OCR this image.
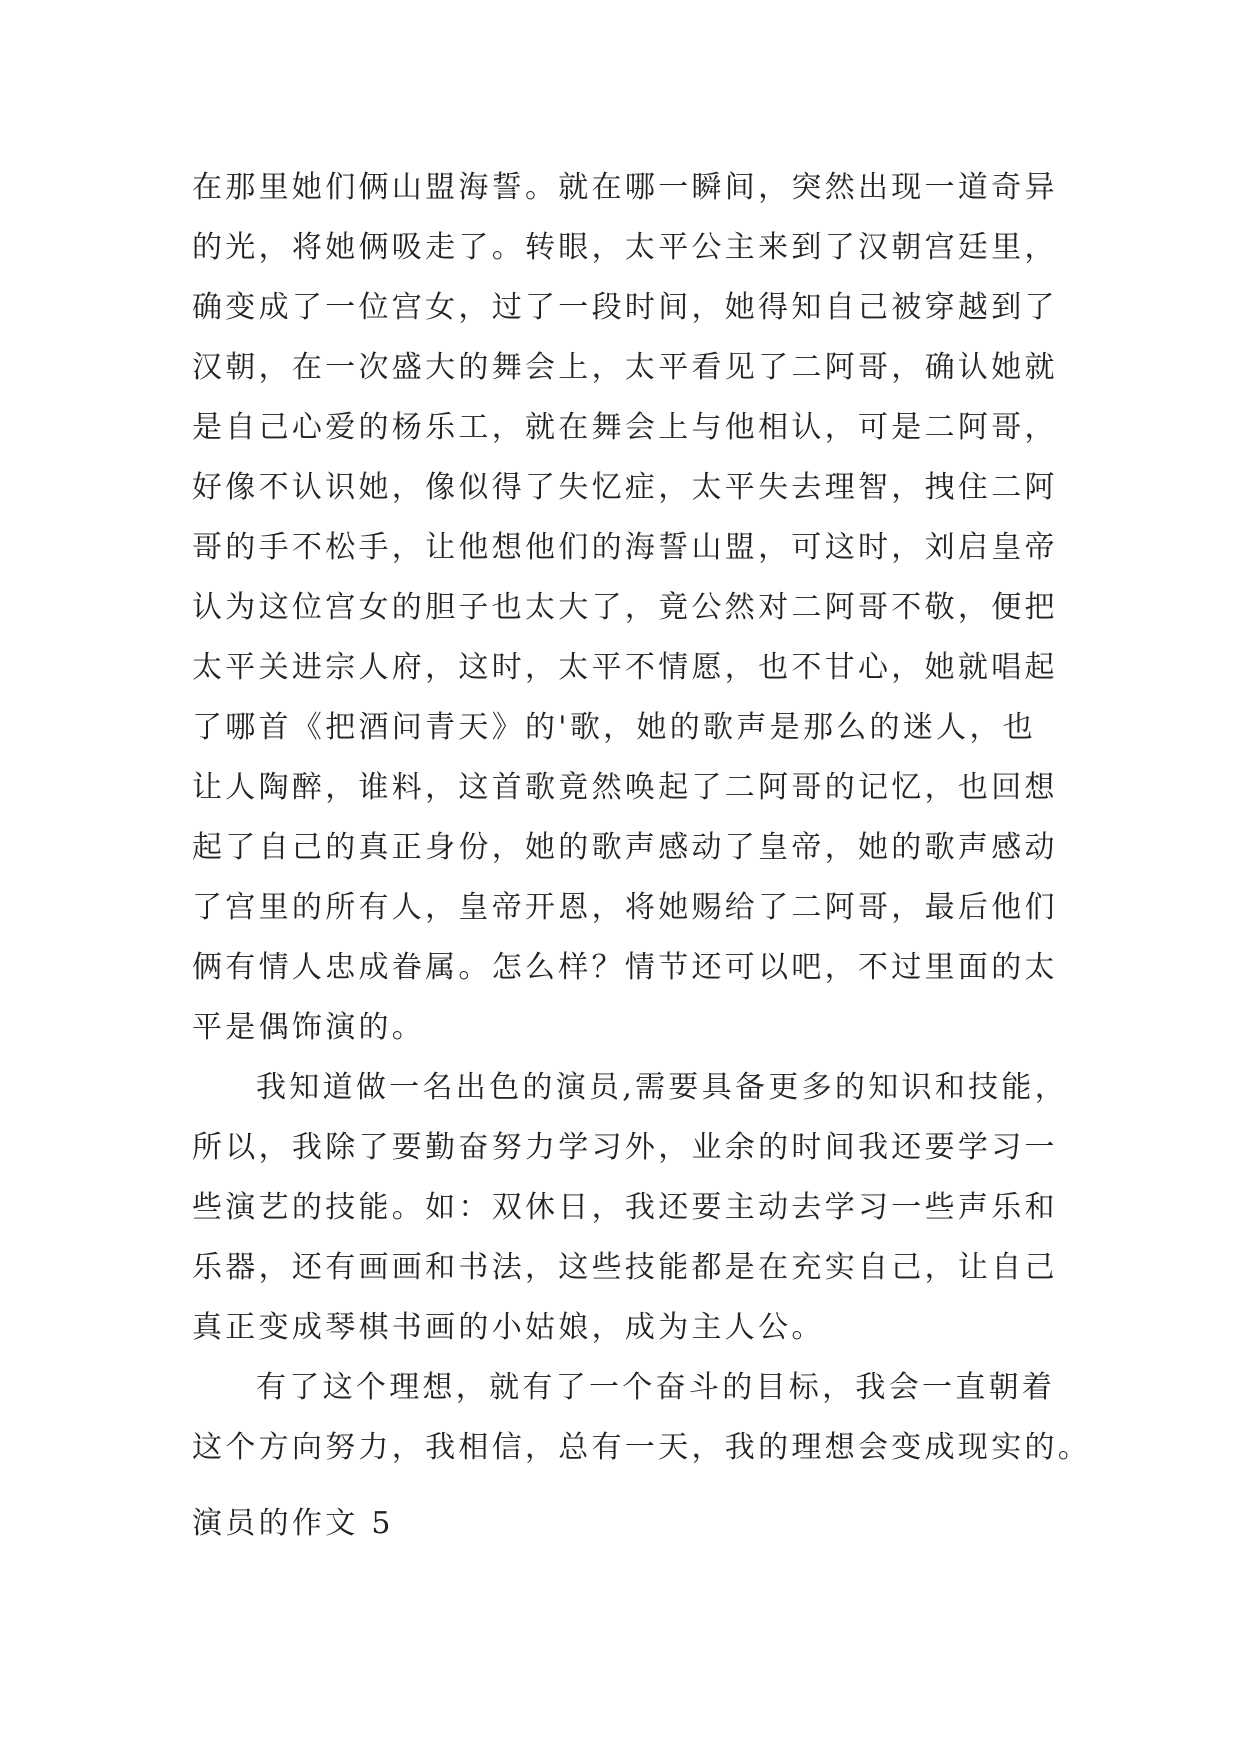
在那里她们俩山盟海誓。就在哪一瞬间，突然出现一道奇异
的光，将她俩吸走了。转眼，太平公主来到了汉朝宫廷里，
确变成了一位宫女，过了一段时间，她得知自己被穿越到了
汉朝，在一次盛大的舞会上，太平看见了二阿哥，确认她就
是自己心爱的杨乐工，就在舞会上与他相认，可是二阿哥，
好像不认识她，像似得了失忆症，太平失去理智，拽住二阿
哥的手不松手，让他想他们的海誓山盟，可这时，刘启皇帝
认为这位宫女的胆子也太大了，竟公然对二阿哥不敬，便把
太平关进宗人府，这时，太平不情愿，也不甘心，她就唱起
了哪首《把酒问青天》的'歌，她的歌声是那么的迷人，也
让人陶醉，谁料，这首歌竟然唤起了二阿哥的记忆，也回想
起了自己的真正身份，她的歌声感动了皇帝，她的歌声感动
了宫里的所有人，皇帝开恩，将她赐给了二阿哥，最后他们
俩有情人忠成眷属。怎么样？情节还可以吧，不过里面的太
平是偶饰演的。
我知道做一名出色的演员,需要具备更多的知识和技能，
所以，我除了要勤奋努力学习外，业余的时间我还要学习一
些演艺的技能。如：双休日，我还要主动去学习一些声乐和
乐器，还有画画和书法，这些技能都是在充实自己，让自己
真正变成琴棋书画的小姑娘，成为主人公。
有了这个理想，就有了一个奋斗的目标，我会一直朝着
这个方向努力，我相信，总有一天，我的理想会变成现实的。
演员的作文 5
